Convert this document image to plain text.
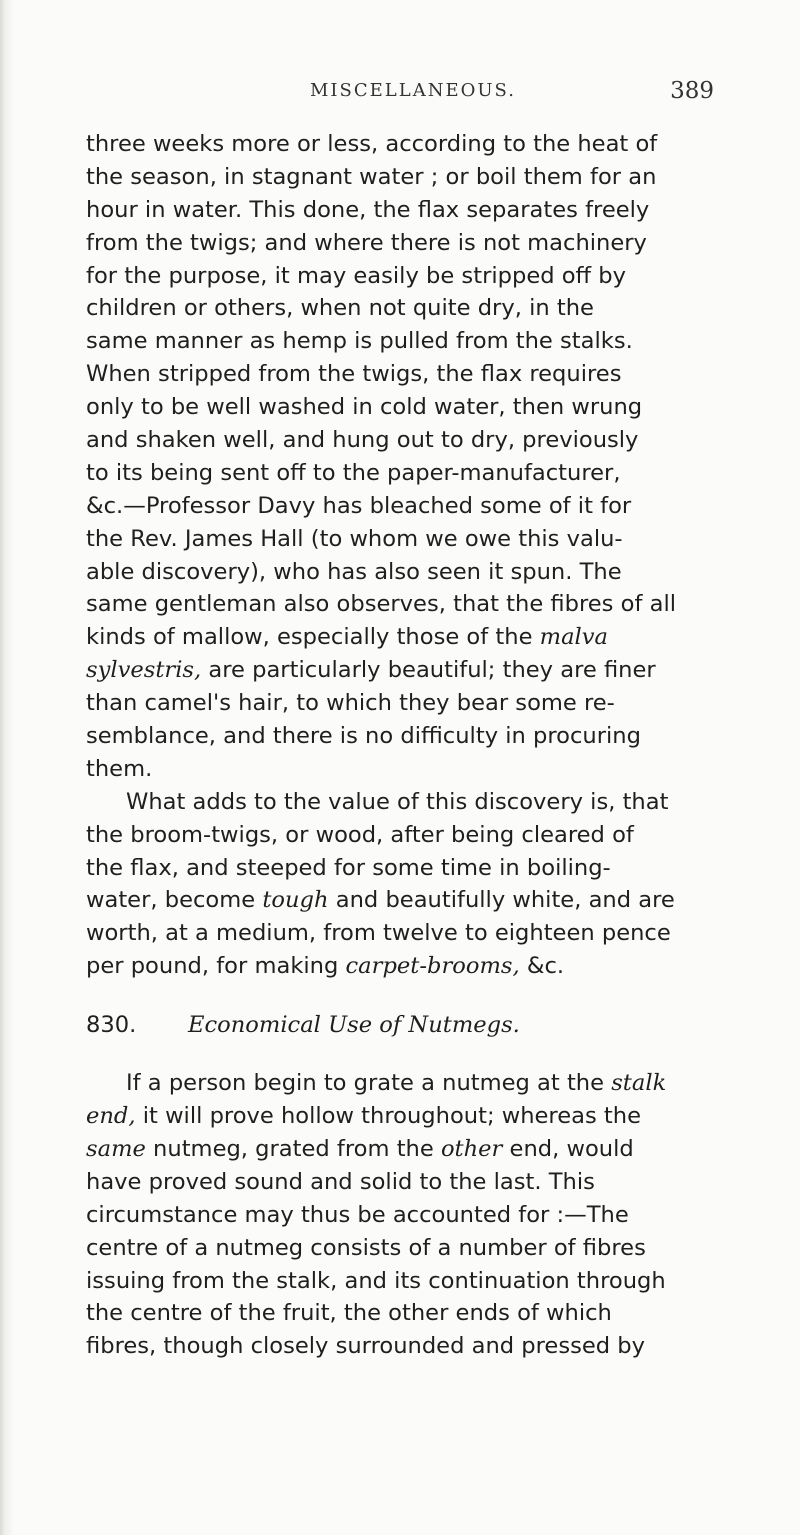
MISCELLANEOUS.	389

three weeks more or less, according to the heat of
the season, in stagnant water ; or boil them for an
hour in water. This done, the flax separates freely
from the twigs; and where there is not machinery
for the purpose, it may easily be stripped off by
children or others, when not quite dry, in the
same manner as hemp is pulled from the stalks.
When stripped from the twigs, the flax requires
only to be well washed in cold water, then wrung
and shaken well, and hung out to dry, previously
to its being sent off to the paper-manufacturer,
&c.—Professor Davy has bleached some of it for
the Rev. James Hall (to whom we owe this valu-
able discovery), who has also seen it spun. The
same gentleman also observes, that the fibres of all
kinds of mallow, especially those of the malva
sylvestris, are particularly beautiful; they are finer
than camel's hair, to which they bear some re-
semblance, and there is no difficulty in procuring
them.

What adds to the value of this discovery is, that
the broom-twigs, or wood, after being cleared of
the flax, and steeped for some time in boiling-
water, become tough and beautifully white, and are
worth, at a medium, from twelve to eighteen pence
per pound, for making carpet-brooms, &c.

830. Economical Use of Nutmegs.

If a person begin to grate a nutmeg at the stalk
end, it will prove hollow throughout; whereas the
same nutmeg, grated from the other end, would
have proved sound and solid to the last. This
circumstance may thus be accounted for :—The
centre of a nutmeg consists of a number of fibres
issuing from the stalk, and its continuation through
the centre of the fruit, the other ends of which
fibres, though closely surrounded and pressed by
